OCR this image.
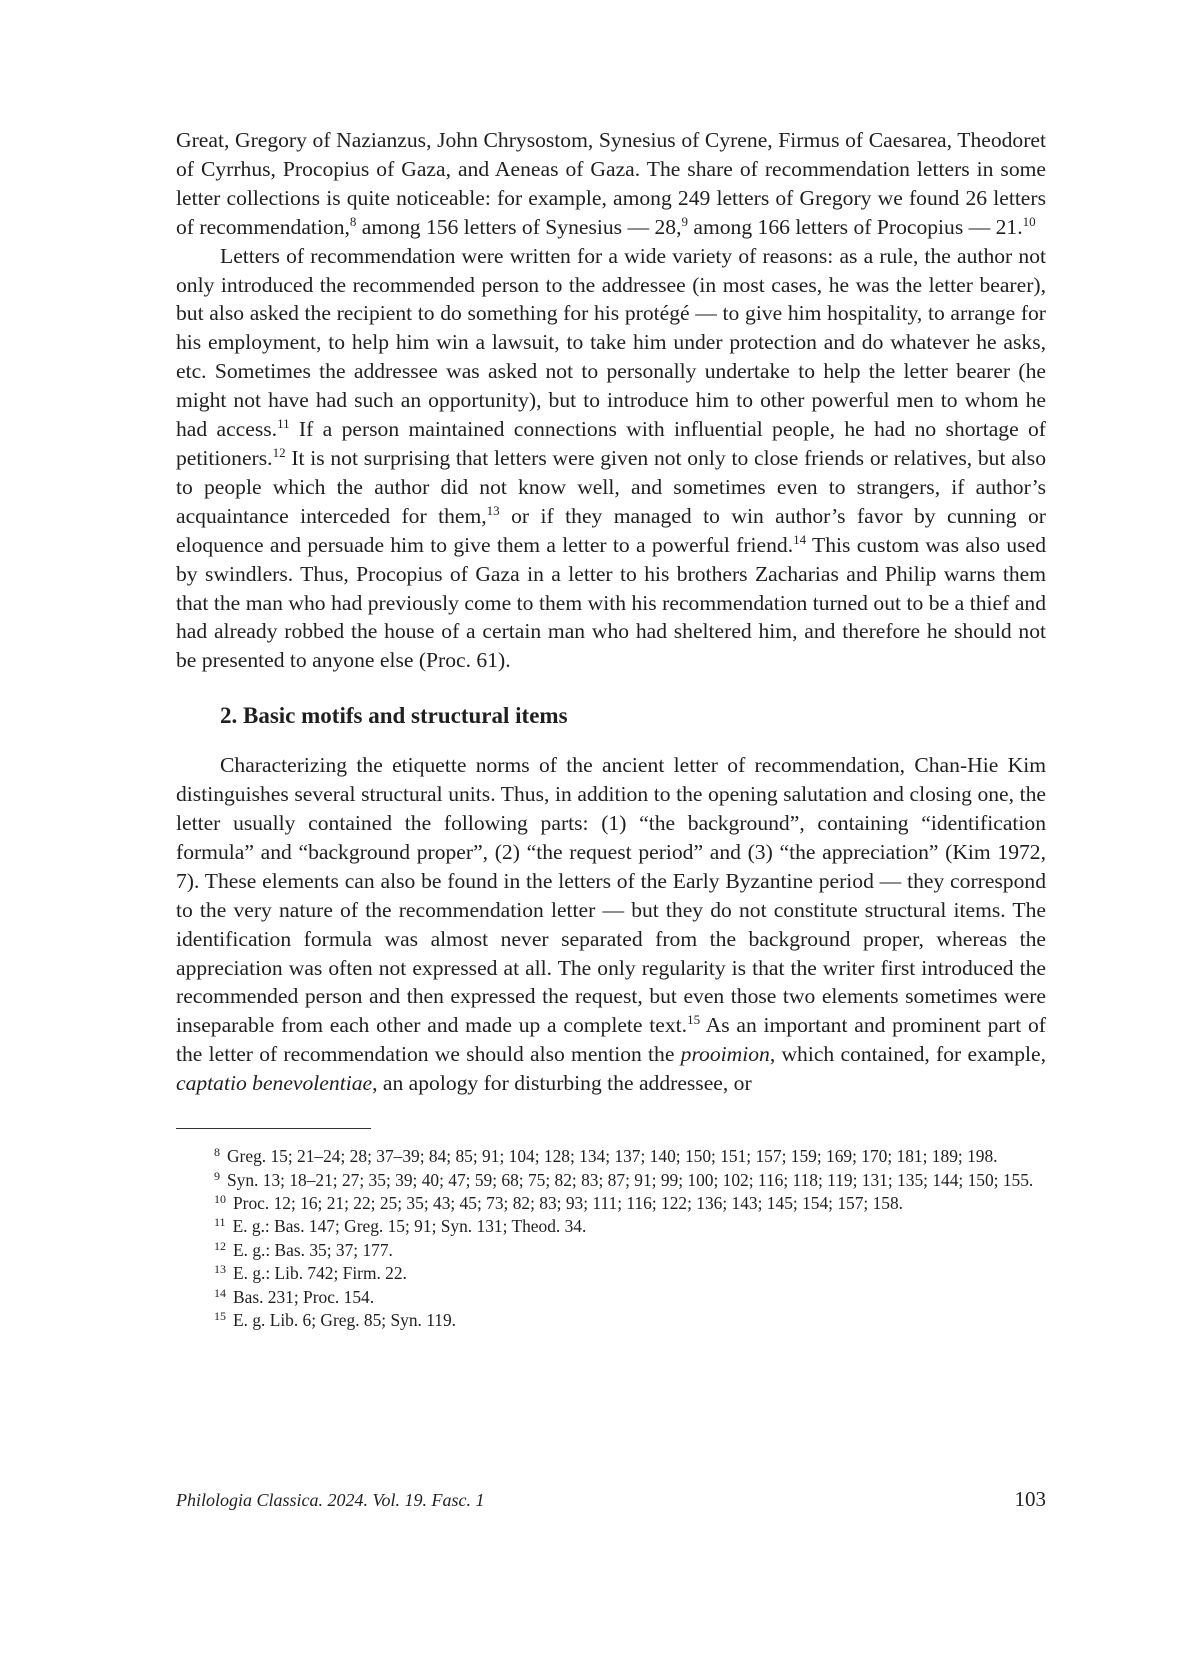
Great, Gregory of Nazianzus, John Chrysostom, Synesius of Cyrene, Firmus of Caesarea, Theodoret of Cyrrhus, Procopius of Gaza, and Aeneas of Gaza. The share of recommendation letters in some letter collections is quite noticeable: for example, among 249 letters of Gregory we found 26 letters of recommendation,$^8$ among 156 letters of Synesius — 28,$^9$ among 166 letters of Procopius — 21.10

Letters of recommendation were written for a wide variety of reasons: as a rule, the author not only introduced the recommended person to the addressee (in most cases, he was the letter bearer), but also asked the recipient to do something for his protégé — to give him hospitality, to arrange for his employment, to help him win a lawsuit, to take him under protection and do whatever he asks, etc. Sometimes the addressee was asked not to personally undertake to help the letter bearer (he might not have had such an opportunity), but to introduce him to other powerful men to whom he had access.$^{11}$ If a person maintained connections with influential people, he had no shortage of petitioners.$^{12}$ It is not surprising that letters were given not only to close friends or relatives, but also to people which the author did not know well, and sometimes even to strangers, if author’s acquaintance interceded for them,$^{13}$ or if they managed to win author’s favor by cunning or eloquence and persuade him to give them a letter to a powerful friend.$^{14}$ This custom was also used by swindlers. Thus, Procopius of Gaza in a letter to his brothers Zacharias and Philip warns them that the man who had previously come to them with his recommendation turned out to be a thief and had already robbed the house of a certain man who had sheltered him, and therefore he should not be presented to anyone else (Proc. 61).

2. Basic motifs and structural items

Characterizing the etiquette norms of the ancient letter of recommendation, Chan-Hie Kim distinguishes several structural units. Thus, in addition to the opening salutation and closing one, the letter usually contained the following parts: (1) “the background”, containing “identification formula” and “background proper”, (2) “the request period” and (3) “the appreciation” (Kim 1972, 7). These elements can also be found in the letters of the Early Byzantine period — they correspond to the very nature of the recommendation letter — but they do not constitute structural items. The identification formula was almost never separated from the background proper, whereas the appreciation was often not expressed at all. The only regularity is that the writer first introduced the recommended person and then expressed the request, but even those two elements sometimes were inseparable from each other and made up a complete text.$^{15}$ As an important and prominent part of the letter of recommendation we should also mention the prooimion, which contained, for example, captatio benevolentiae, an apology for disturbing the addressee, or

$^8$ Greg. 15; 21–24; 28; 37–39; 84; 85; 91; 104; 128; 134; 137; 140; 150; 151; 157; 159; 169; 170; 181; 189; 198.

$^9$ Syn. 13; 18–21; 27; 35; 39; 40; 47; 59; 68; 75; 82; 83; 87; 91; 99; 100; 102; 116; 118; 119; 131; 135; 144; 150; 155.

$^{10}$ Proc. 12; 16; 21; 22; 25; 35; 43; 45; 73; 82; 83; 93; 111; 116; 122; 136; 143; 145; 154; 157; 158.

$^{11}$ E. g.: Bas. 147; Greg. 15; 91; Syn. 131; Theod. 34.

$^{12}$ E. g.: Bas. 35; 37; 177.

$^{13}$ E. g.: Lib. 742; Firm. 22.

$^{14}$ Bas. 231; Proc. 154.

$^{15}$ E. g. Lib. 6; Greg. 85; Syn. 119.

Philologia Classica. 2024. Vol. 19. Fasc. 1	103
